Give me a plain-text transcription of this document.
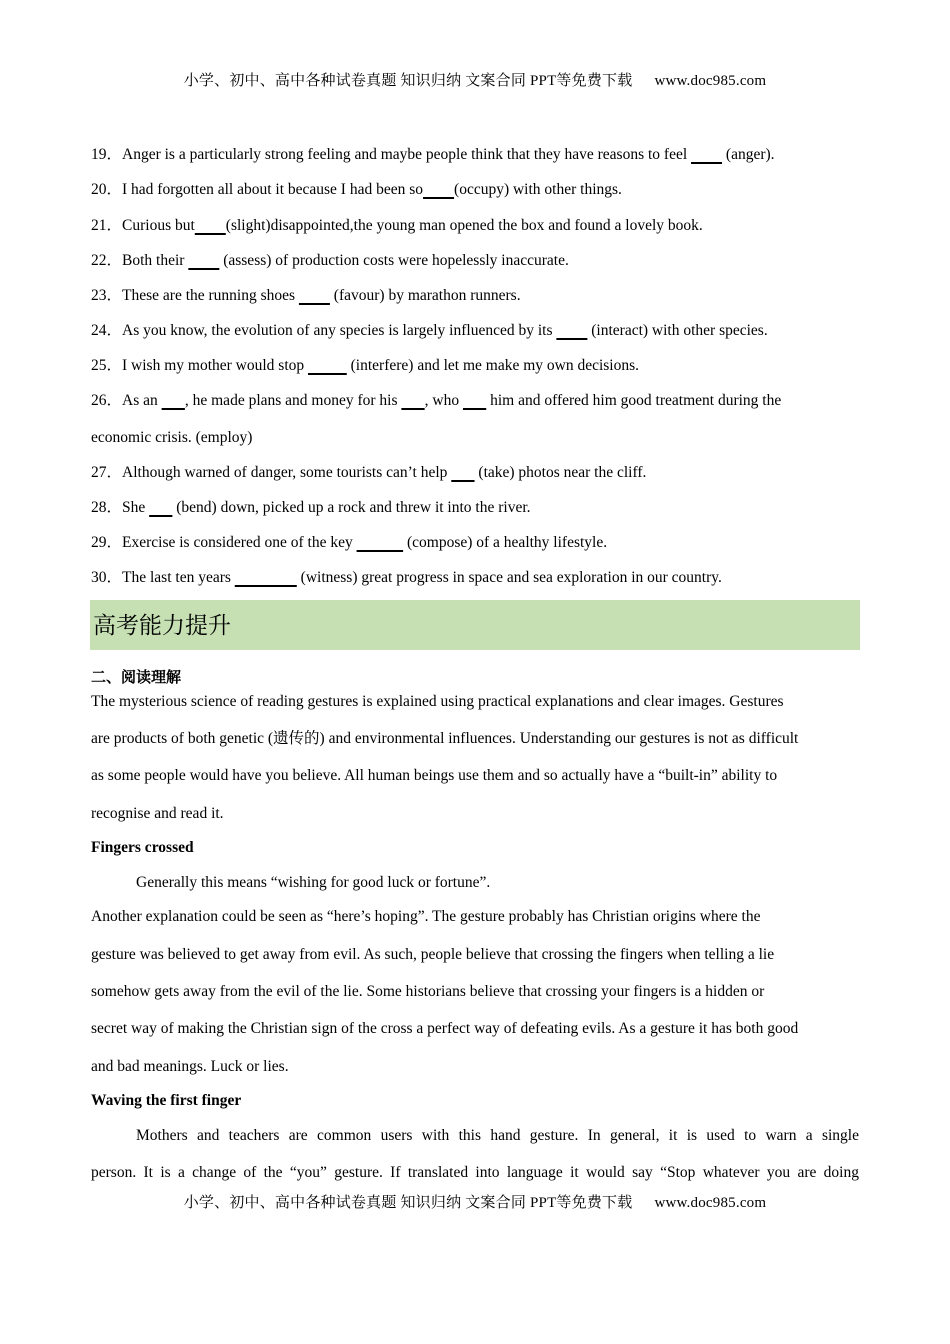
小学、初中、高中各种试卷真题 知识归纳 文案合同 PPT等免费下载 www.doc985.com
19．Anger is a particularly strong feeling and maybe people think that they have reasons to feel      (anger).
20．I had forgotten all about it because I had been so     (occupy) with other things.
21．Curious but     (slight)disappointed,the young man opened the box and found a lovely book.
22．Both their      (assess) of production costs were hopelessly inaccurate.
23．These are the running shoes      (favour) by marathon runners.
24．As you know, the evolution of any species is largely influenced by its      (interact) with other species.
25．I wish my mother would stop      	(interfere) and let me make my own decisions.
26．As an    , he made plans and money for his    , who     him and offered him good treatment during the
economic crisis. (employ)
27．Although warned of danger, some tourists can’t help     (take) photos near the cliff.
28．She     (bend) down, picked up a rock and threw it into the river.
29．Exercise is considered one of the key       	(compose) of a healthy lifestyle.
30．The last ten years         	(witness) great progress in space and sea exploration in our country.
高考能力提升
二、阅读理解
The mysterious science of reading gestures is explained using practical explanations and clear images. Gestures
are products of both genetic (遗传的) and environmental influences. Understanding our gestures is not as difficult
as some people would have you believe. All human beings use them and so actually have a “built-in” ability to
recognise and read it.
Fingers crossed
Generally this means “wishing for good luck or fortune”.
Another explanation could be seen as “here’s hoping”. The gesture probably has Christian origins where the
gesture was believed to get away from evil. As such, people believe that crossing the fingers when telling a lie
somehow gets away from the evil of the lie. Some historians believe that crossing your fingers is a hidden or
secret way of making the Christian sign of the cross a perfect way of defeating evils. As a gesture it has both good
and bad meanings. Luck or lies.
Waving the first finger
Mothers and teachers are common users with this hand gesture. In general, it is used to warn a single
person. It is a change of the “you” gesture. If translated into language it would say “Stop whatever you are doing
小学、初中、高中各种试卷真题 知识归纳 文案合同 PPT等免费下载 www.doc985.com
